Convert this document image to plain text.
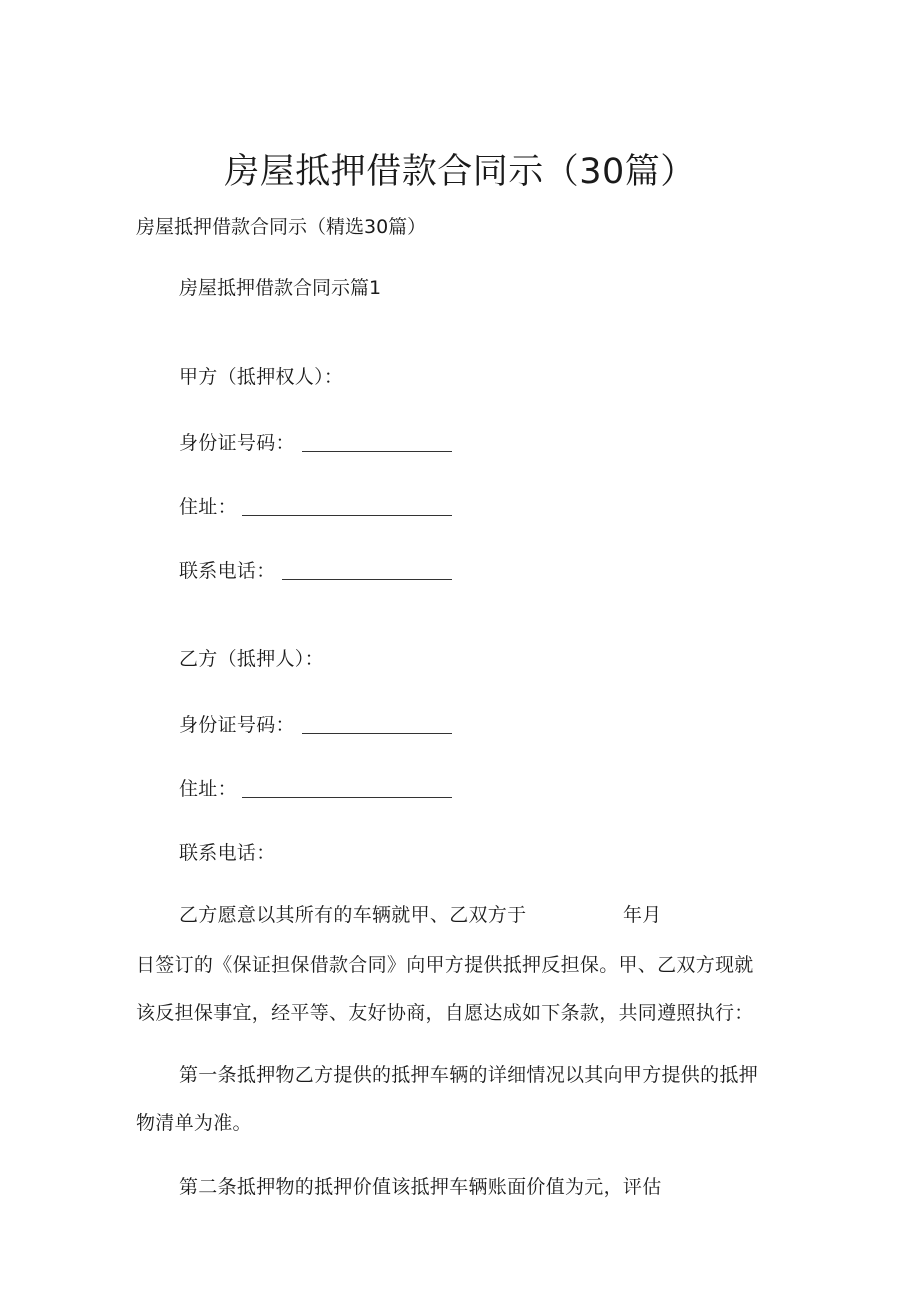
房屋抵押借款合同示（30篇）
房屋抵押借款合同示（精选30篇）
房屋抵押借款合同示篇1
甲方（抵押权人）：
身份证号码：
住址：
联系电话：
乙方（抵押人）：
身份证号码：
住址：
联系电话：
乙方愿意以其所有的车辆就甲、乙双方于	年月
日签订的《保证担保借款合同》向甲方提供抵押反担保。甲、乙双方现就
该反担保事宜，经平等、友好协商，自愿达成如下条款，共同遵照执行：
第一条抵押物乙方提供的抵押车辆的详细情况以其向甲方提供的抵押
物清单为准。
第二条抵押物的抵押价值该抵押车辆账面价值为元，评估
